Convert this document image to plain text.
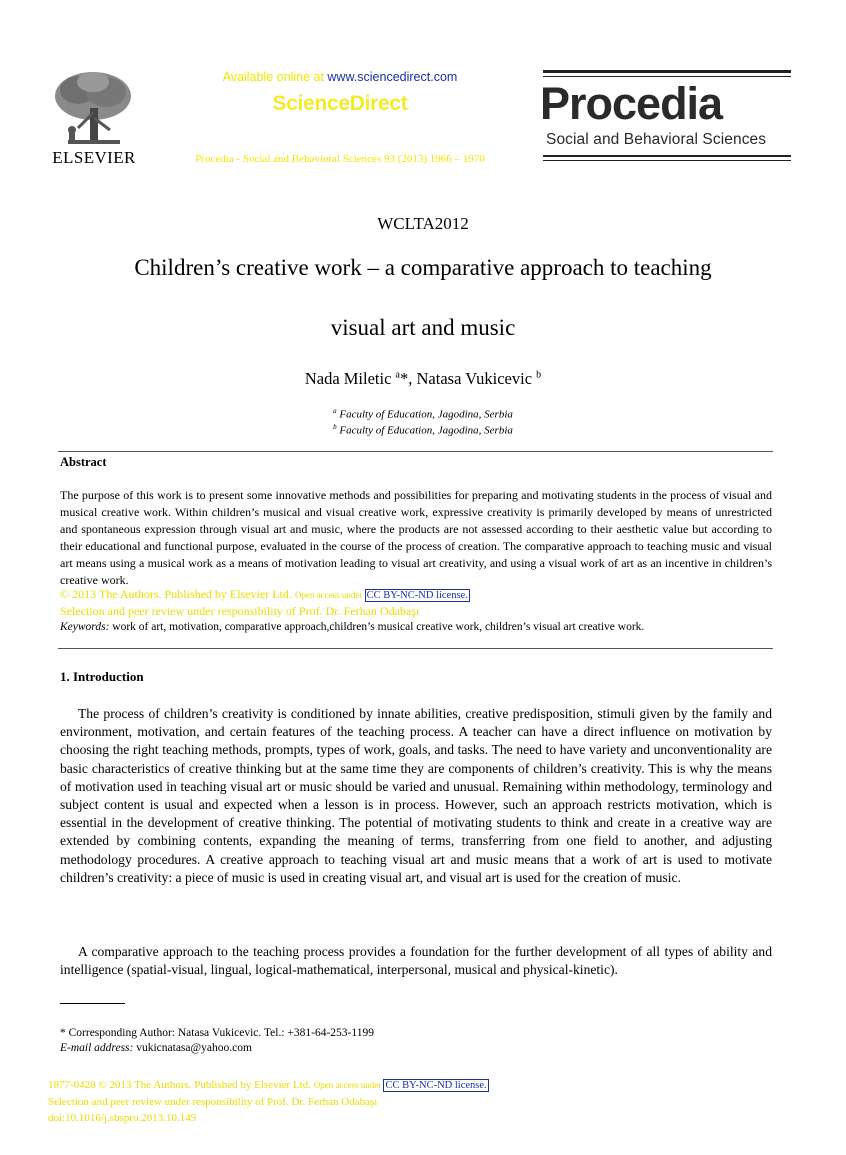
ELSEVIER
Available online at www.sciencedirect.com
ScienceDirect
Procedia - Social and Behavioral Sciences 93 (2013) 1966 – 1970
Procedia
Social and Behavioral Sciences
WCLTA2012
Children’s creative work – a comparative approach to teaching
visual art and music
Nada Miletic $^a$*, Natasa Vukicevic $^b$
$^a$ Faculty of Education, Jagodina, Serbia
$^b$ Faculty of Education, Jagodina, Serbia
Abstract
The purpose of this work is to present some innovative methods and possibilities for preparing and motivating students in the process of visual and musical creative work. Within children’s musical and visual creative work, expressive creativity is primarily developed by means of unrestricted and spontaneous expression through visual art and music, where the products are not assessed according to their aesthetic value but according to their educational and functional purpose, evaluated in the course of the process of creation. The comparative approach to teaching music and visual art means using a musical work as a means of motivation leading to visual art creativity, and using a visual work of art as an incentive in children’s creative work.
© 2013 The Authors. Published by Elsevier Ltd. Open access under CC BY-NC-ND license.
Selection and peer review under responsibility of Prof. Dr. Ferhan Odabaşı
Keywords: work of art, motivation, comparative approach,children’s musical creative work, children’s visual art creative work.
1. Introduction
The process of children’s creativity is conditioned by innate abilities, creative predisposition, stimuli given by the family and environment, motivation, and certain features of the teaching process. A teacher can have a direct influence on motivation by choosing the right teaching methods, prompts, types of work, goals, and tasks. The need to have variety and unconventionality are basic characteristics of creative thinking but at the same time they are components of children’s creativity. This is why the means of motivation used in teaching visual art or music should be varied and unusual. Remaining within methodology, terminology and subject content is usual and expected when a lesson is in process. However, such an approach restricts motivation, which is essential in the development of creative thinking. The potential of motivating students to think and create in a creative way are extended by combining contents, expanding the meaning of terms, transferring from one field to another, and adjusting methodology procedures. A creative approach to teaching visual art and music means that a work of art is used to motivate children’s creativity: a piece of music is used in creating visual art, and visual art is used for the creation of music.
A comparative approach to the teaching process provides a foundation for the further development of all types of ability and intelligence (spatial-visual, lingual, logical-mathematical, interpersonal, musical and physical-kinetic).
* Corresponding Author: Natasa Vukicevic. Tel.: +381-64-253-1199
E-mail address: vukicnatasa@yahoo.com
1877-0428 © 2013 The Authors. Published by Elsevier Ltd. Open access under CC BY-NC-ND license.
Selection and peer review under responsibility of Prof. Dr. Ferhan Odabaşı
doi:10.1016/j.sbspro.2013.10.149
